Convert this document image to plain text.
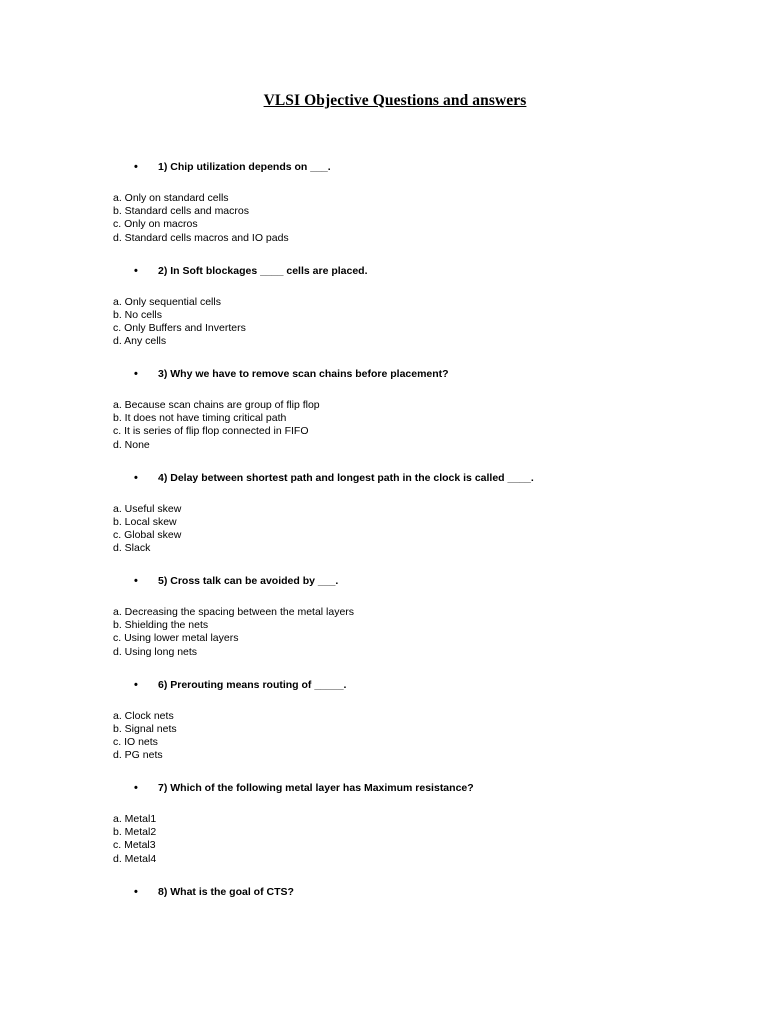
VLSI Objective Questions and answers
• 1) Chip utilization depends on ___.
a. Only on standard cells
b. Standard cells and macros
c. Only on macros
d. Standard cells macros and IO pads
• 2) In Soft blockages ____ cells are placed.
a. Only sequential cells
b. No cells
c. Only Buffers and Inverters
d. Any cells
• 3) Why we have to remove scan chains before placement?
a. Because scan chains are group of flip flop
b. It does not have timing critical path
c. It is series of flip flop connected in FIFO
d. None
• 4) Delay between shortest path and longest path in the clock is called ____.
a. Useful skew
b. Local skew
c. Global skew
d. Slack
• 5) Cross talk can be avoided by ___.
a. Decreasing the spacing between the metal layers
b. Shielding the nets
c. Using lower metal layers
d. Using long nets
• 6) Prerouting means routing of _____.
a. Clock nets
b. Signal nets
c. IO nets
d. PG nets
• 7) Which of the following metal layer has Maximum resistance?
a. Metal1
b. Metal2
c. Metal3
d. Metal4
• 8) What is the goal of CTS?
